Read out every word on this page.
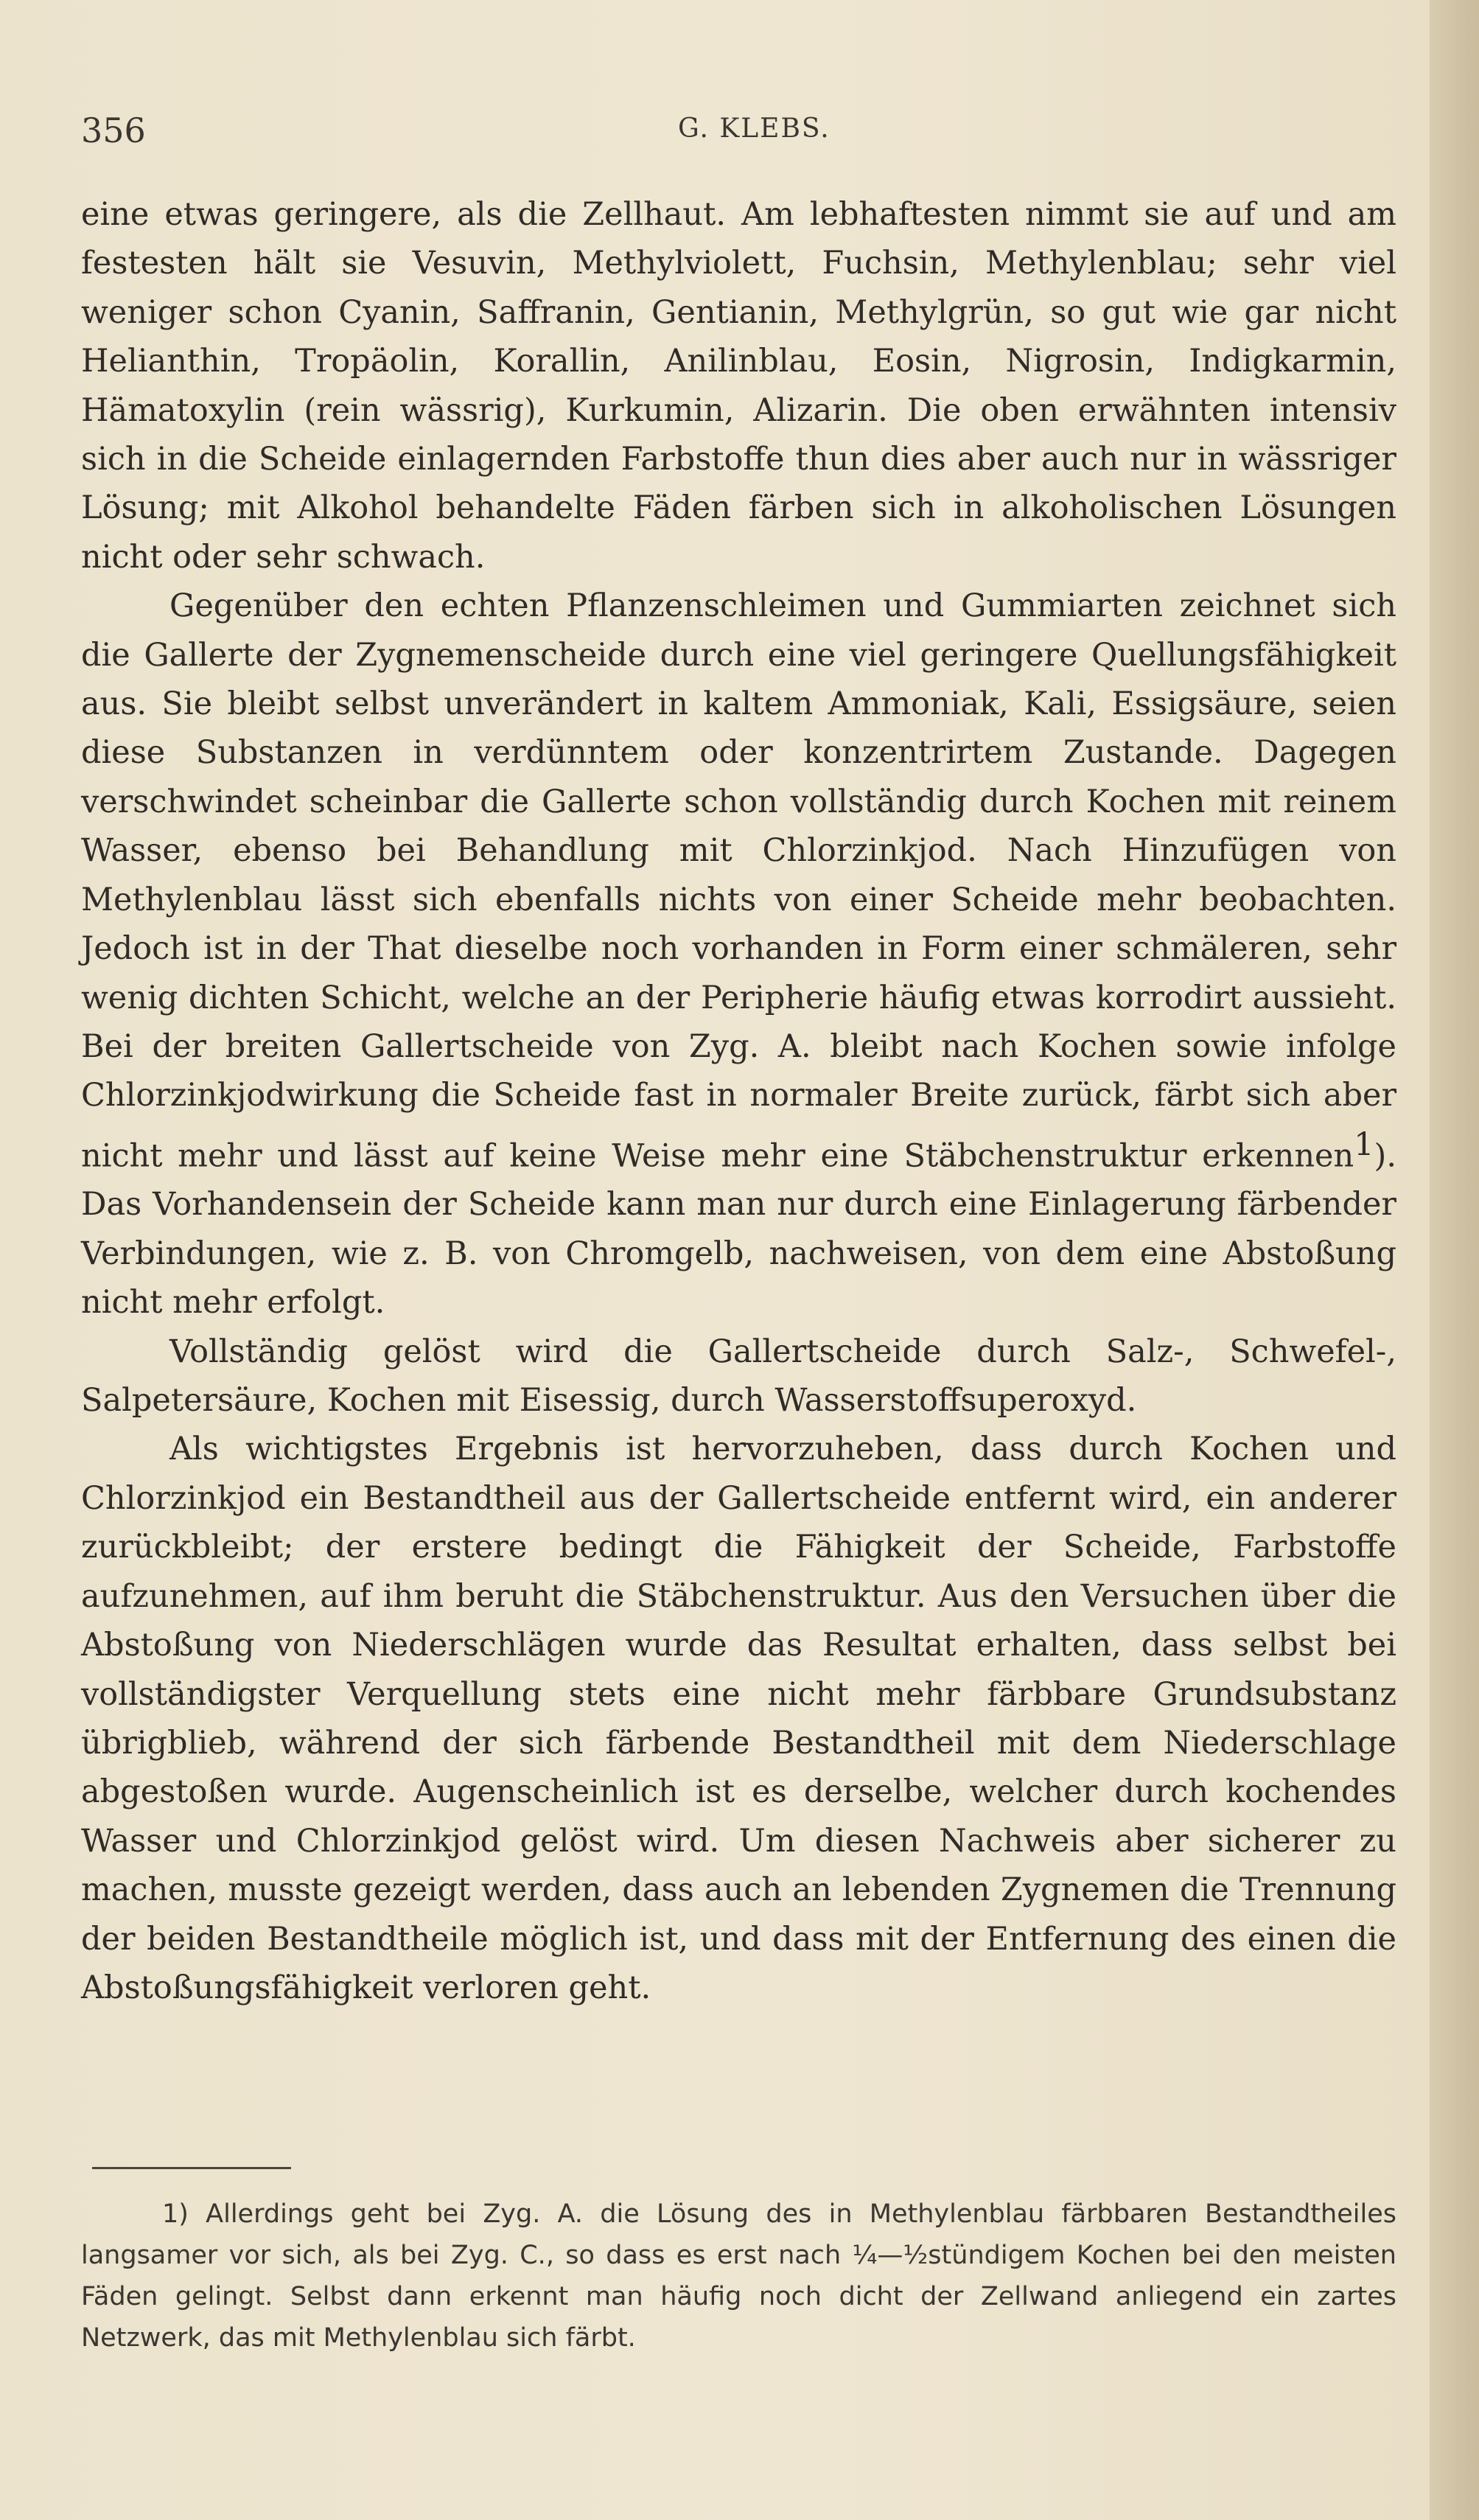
356	G. KLEBS.

eine etwas geringere, als die Zellhaut. Am lebhaftesten nimmt sie auf und am festesten hält sie Vesuvin, Methylviolett, Fuchsin, Methylenblau; sehr viel weniger schon Cyanin, Saffranin, Gentianin, Methylgrün, so gut wie gar nicht Helianthin, Tropäolin, Korallin, Anilinblau, Eosin, Nigrosin, Indigkarmin, Hämatoxylin (rein wässrig), Kurkumin, Alizarin. Die oben erwähnten intensiv sich in die Scheide einlagernden Farbstoffe thun dies aber auch nur in wässriger Lösung; mit Alkohol behandelte Fäden färben sich in alkoholischen Lösungen nicht oder sehr schwach.

Gegenüber den echten Pflanzenschleimen und Gummiarten zeichnet sich die Gallerte der Zygnemenscheide durch eine viel geringere Quellungsfähigkeit aus. Sie bleibt selbst unverändert in kaltem Ammoniak, Kali, Essigsäure, seien diese Substanzen in verdünntem oder konzentrirtem Zustande. Dagegen verschwindet scheinbar die Gallerte schon vollständig durch Kochen mit reinem Wasser, ebenso bei Behandlung mit Chlorzinkjod. Nach Hinzufügen von Methylenblau lässt sich ebenfalls nichts von einer Scheide mehr beobachten. Jedoch ist in der That dieselbe noch vorhanden in Form einer schmäleren, sehr wenig dichten Schicht, welche an der Peripherie häufig etwas korrodirt aussieht. Bei der breiten Gallertscheide von Zyg. A. bleibt nach Kochen sowie infolge Chlorzinkjodwirkung die Scheide fast in normaler Breite zurück, färbt sich aber nicht mehr und lässt auf keine Weise mehr eine Stäbchenstruktur erkennen$^1$). Das Vorhandensein der Scheide kann man nur durch eine Einlagerung färbender Verbindungen, wie z. B. von Chromgelb, nachweisen, von dem eine Abstoßung nicht mehr erfolgt.

Vollständig gelöst wird die Gallertscheide durch Salz-, Schwefel-, Salpetersäure, Kochen mit Eisessig, durch Wasserstoffsuperoxyd.

Als wichtigstes Ergebnis ist hervorzuheben, dass durch Kochen und Chlorzinkjod ein Bestandtheil aus der Gallertscheide entfernt wird, ein anderer zurückbleibt; der erstere bedingt die Fähigkeit der Scheide, Farbstoffe aufzunehmen, auf ihm beruht die Stäbchenstruktur. Aus den Versuchen über die Abstoßung von Niederschlägen wurde das Resultat erhalten, dass selbst bei vollständigster Verquellung stets eine nicht mehr färbbare Grundsubstanz übrigblieb, während der sich färbende Bestandtheil mit dem Niederschlage abgestoßen wurde. Augenscheinlich ist es derselbe, welcher durch kochendes Wasser und Chlorzinkjod gelöst wird. Um diesen Nachweis aber sicherer zu machen, musste gezeigt werden, dass auch an lebenden Zygnemen die Trennung der beiden Bestandtheile möglich ist, und dass mit der Entfernung des einen die Abstoßungsfähigkeit verloren geht.

1) Allerdings geht bei Zyg. A. die Lösung des in Methylenblau färbbaren Bestandtheiles langsamer vor sich, als bei Zyg. C., so dass es erst nach ¼—½stündigem Kochen bei den meisten Fäden gelingt. Selbst dann erkennt man häufig noch dicht der Zellwand anliegend ein zartes Netzwerk, das mit Methylenblau sich färbt.
